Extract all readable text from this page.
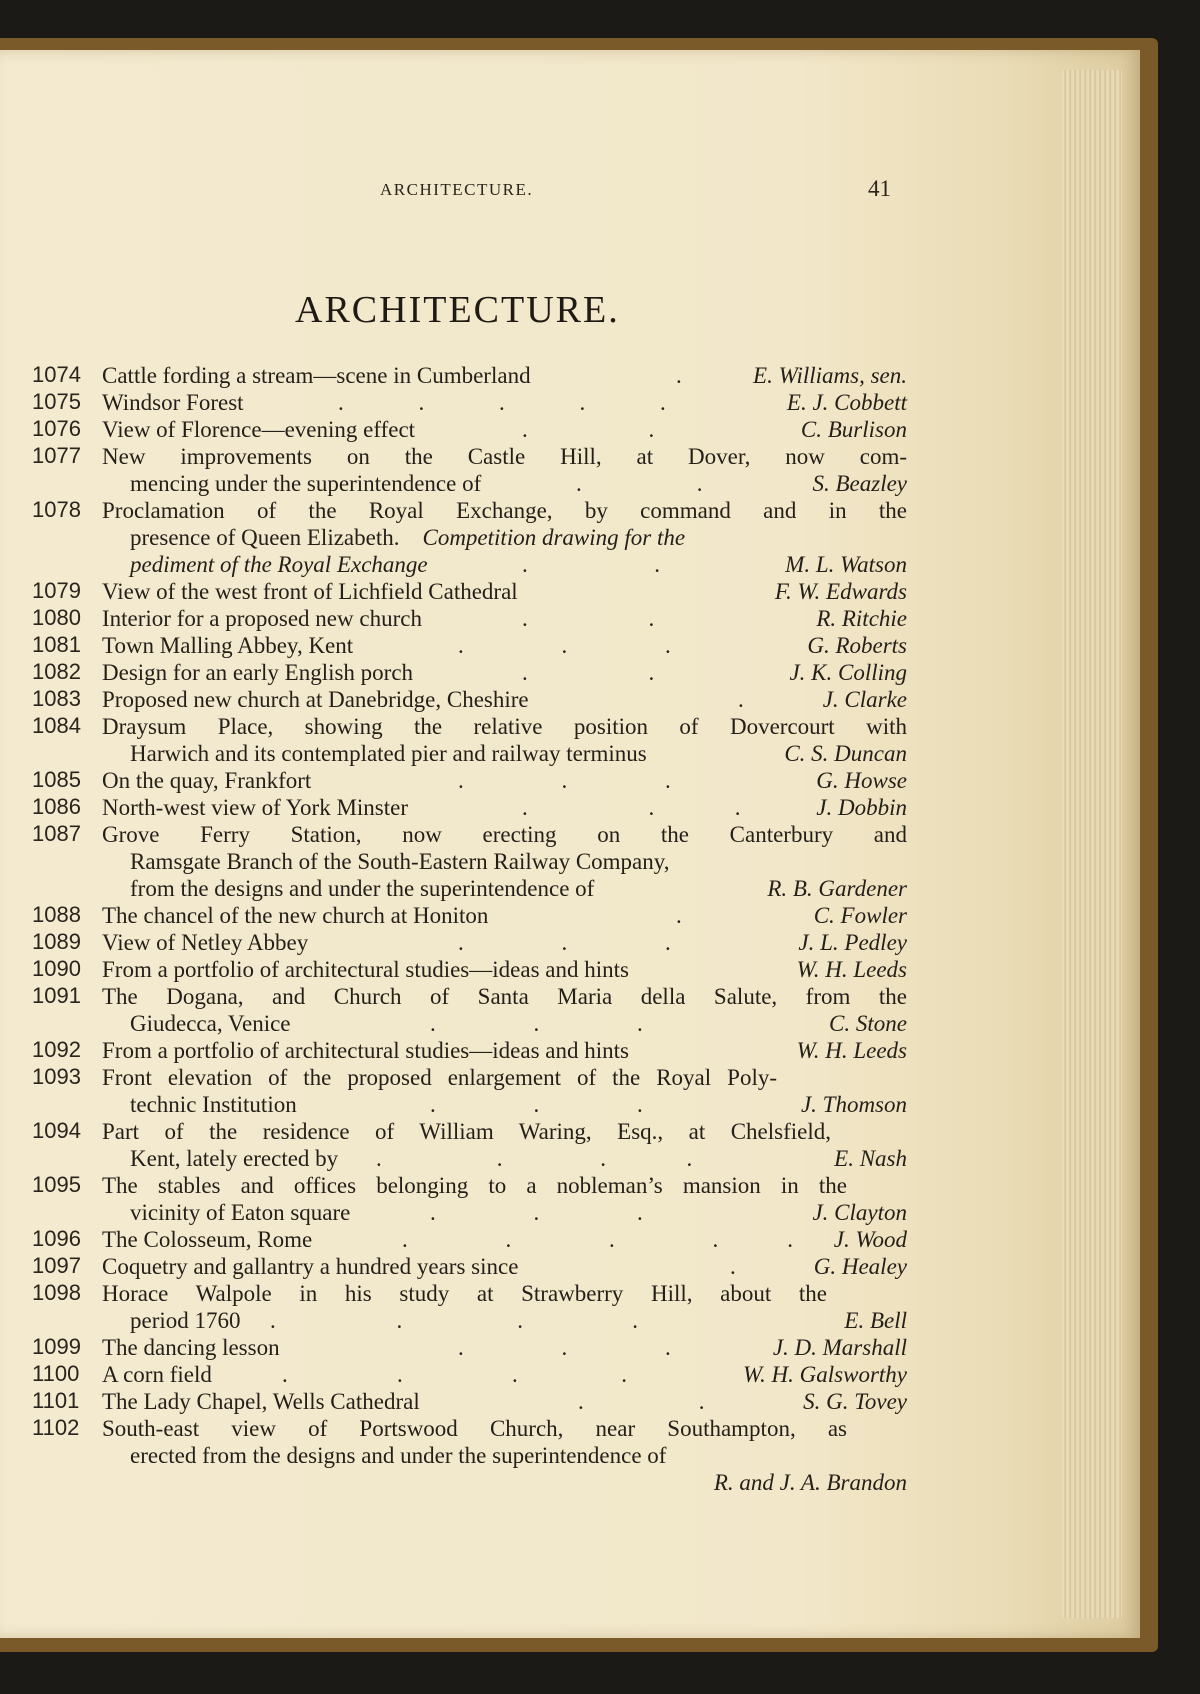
ARCHITECTURE.	41
ARCHITECTURE.
1074 Cattle fording a stream—scene in Cumberland	.	E. Williams, sen.
1075 Windsor Forest	.             .             .             .             .	E. J. Cobbett
1076 View of Florence—evening effect	.                     .	C. Burlison
1077 New improvements on the Castle Hill, at Dover, now com-
mencing under the superintendence of	.                    .	S. Beazley
1078 Proclamation of the Royal Exchange, by command and in the
presence of Queen Elizabeth. Competition drawing for the
pediment of the Royal Exchange	.                      .	M. L. Watson
1079 View of the west front of Lichfield Cathedral	F. W. Edwards
1080 Interior for a proposed new church	.                     .	R. Ritchie
1081 Town Malling Abbey, Kent	.                 .                 .	G. Roberts
1082 Design for an early English porch	.                     .	J. K. Colling
1083 Proposed new church at Danebridge, Cheshire	.	J. Clarke
1084 Draysum Place, showing the relative position of Dovercourt with
Harwich and its contemplated pier and railway terminus	C. S. Duncan
1085 On the quay, Frankfort	.                 .                 .	G. Howse
1086 North-west view of York Minster	.                     .              .	J. Dobbin
1087 Grove Ferry Station, now erecting on the Canterbury and
Ramsgate Branch of the South-Eastern Railway Company,
from the designs and under the superintendence of	R. B. Gardener
1088 The chancel of the new church at Honiton	.	C. Fowler
1089 View of Netley Abbey	.                 .                 .	J. L. Pedley
1090 From a portfolio of architectural studies—ideas and hints	W. H. Leeds
1091 The Dogana, and Church of Santa Maria della Salute, from the
Giudecca, Venice	.                 .                 .	C. Stone
1092 From a portfolio of architectural studies—ideas and hints	W. H. Leeds
1093 Front elevation of the proposed enlargement of the Royal Poly-
technic Institution	.                 .                 .	J. Thomson
1094 Part of the residence of William Waring, Esq., at Chelsfield,
Kent, lately erected by .                    .                 .              .	E. Nash
1095 The stables and offices belonging to a nobleman’s mansion in the
vicinity of Eaton square	.                 .                 .	J. Clayton
1096 The Colosseum, Rome	.                 .                 .                 .            . J. Wood
1097 Coquetry and gallantry a hundred years since	.	G. Healey
1098 Horace Walpole in his study at Strawberry Hill, about the
period 1760 .                     .                    .                   .	E. Bell
1099 The dancing lesson	.                 .                 .	J. D. Marshall
1100 A corn field	.                   .                   .                  .	W. H. Galsworthy
1101 The Lady Chapel, Wells Cathedral	.                    .	S. G. Tovey
1102 South-east view of Portswood Church, near Southampton, as
erected from the designs and under the superintendence of
R. and J. A. Brandon
